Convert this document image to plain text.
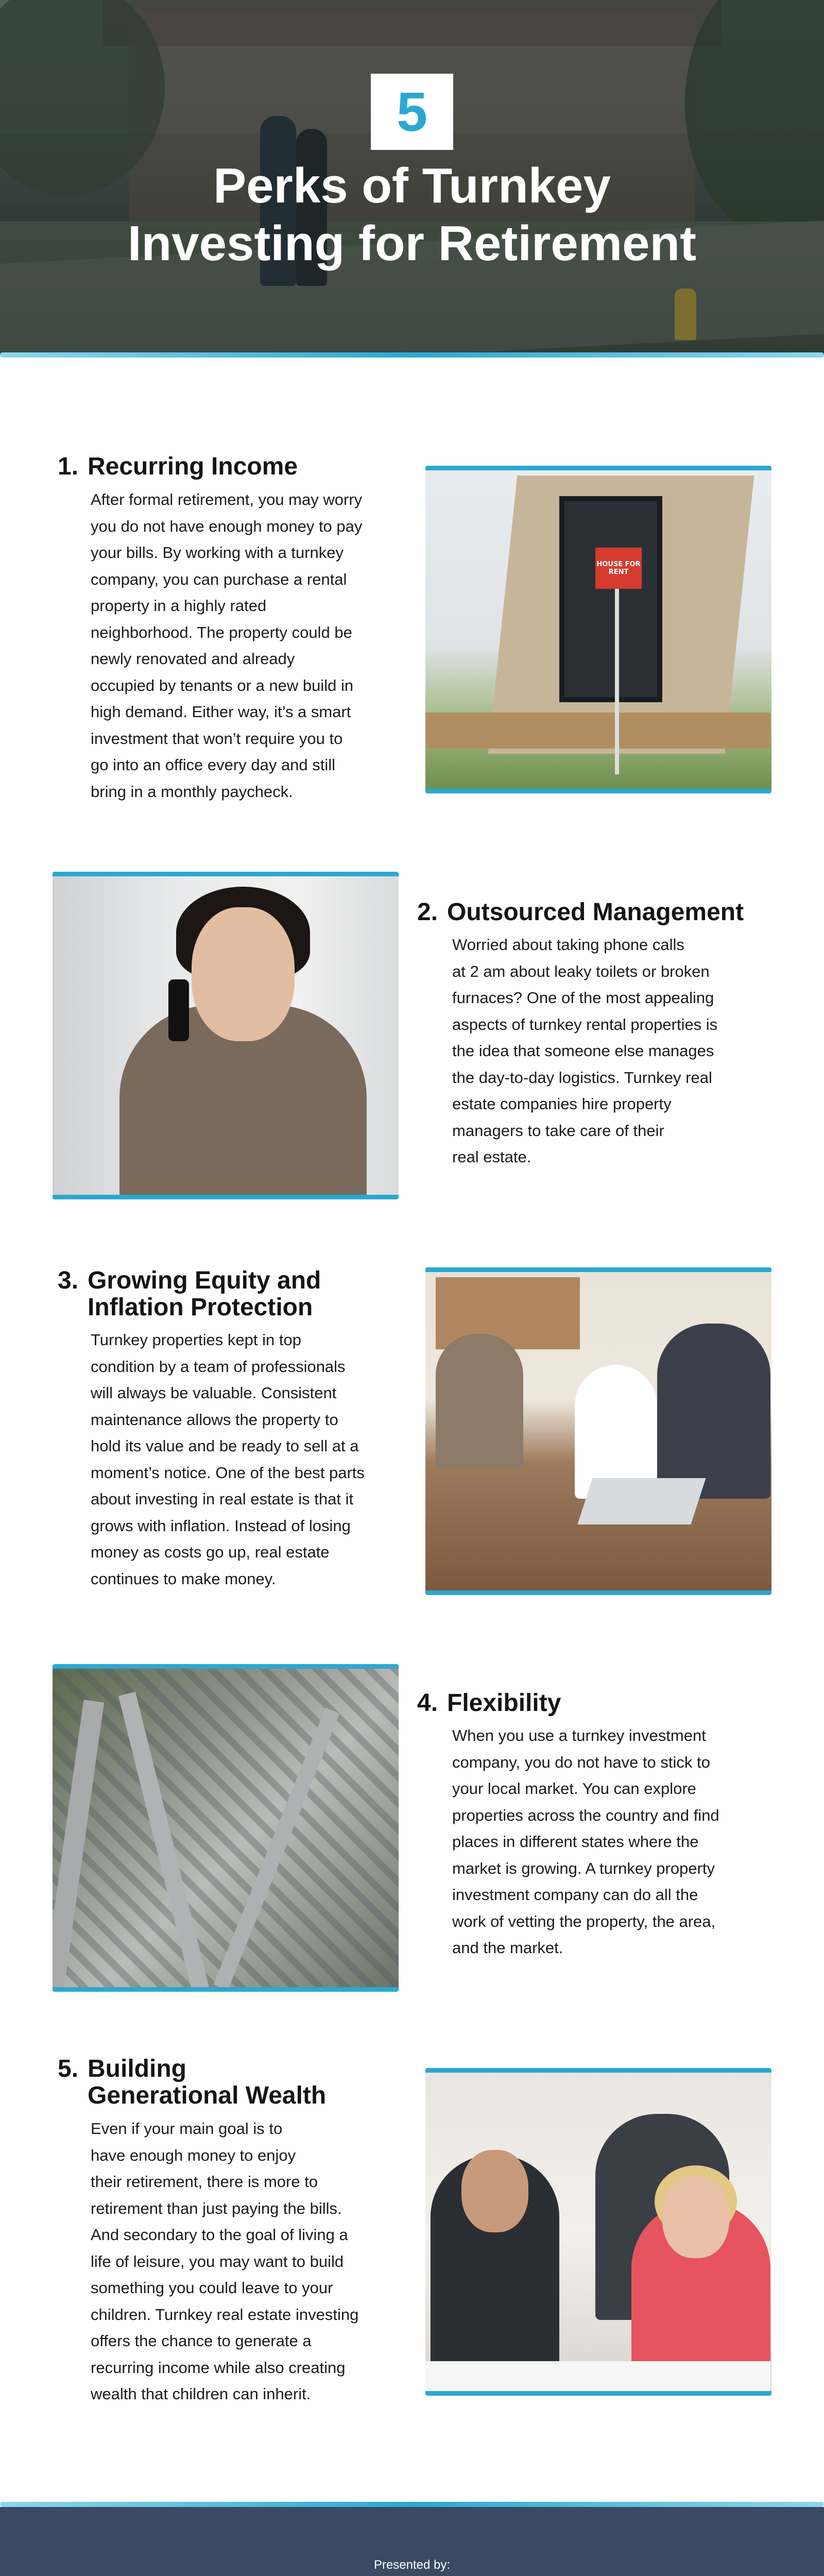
5
Perks of Turnkey
Investing for Retirement
1. Recurring Income
After formal retirement, you may worry
you do not have enough money to pay
your bills. By working with a turnkey
company, you can purchase a rental
property in a highly rated
neighborhood. The property could be
newly renovated and already
occupied by tenants or a new build in
high demand. Either way, it’s a smart
investment that won’t require you to
go into an office every day and still
bring in a monthly paycheck.
HOUSE FOR RENT
2. Outsourced Management
Worried about taking phone calls
at 2 am about leaky toilets or broken
furnaces? One of the most appealing
aspects of turnkey rental properties is
the idea that someone else manages
the day-to-day logistics. Turnkey real
estate companies hire property
managers to take care of their
real estate.
3. Growing Equity and
Inflation Protection
Turnkey properties kept in top
condition by a team of professionals
will always be valuable. Consistent
maintenance allows the property to
hold its value and be ready to sell at a
moment’s notice. One of the best parts
about investing in real estate is that it
grows with inflation. Instead of losing
money as costs go up, real estate
continues to make money.
4. Flexibility
When you use a turnkey investment
company, you do not have to stick to
your local market. You can explore
properties across the country and find
places in different states where the
market is growing. A turnkey property
investment company can do all the
work of vetting the property, the area,
and the market.
5. Building
Generational Wealth
Even if your main goal is to
have enough money to enjoy
their retirement, there is more to
retirement than just paying the bills.
And secondary to the goal of living a
life of leisure, you may want to build
something you could leave to your
children. Turnkey real estate investing
offers the chance to generate a
recurring income while also creating
wealth that children can inherit.
Presented by:
